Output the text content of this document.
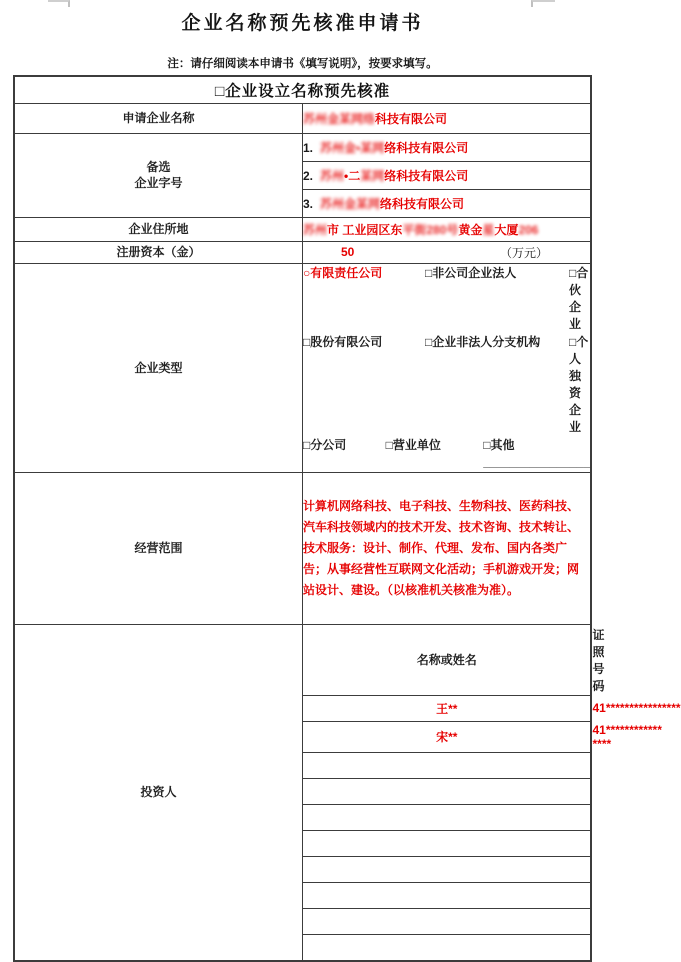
企业名称预先核准申请书
注：请仔细阅读本申请书《填写说明》，按要求填写。
□企业设立名称预先核准
申请企业名称	苏州金某网络科技有限公司
备选
企业字号	1. 苏州金•某网络科技有限公司
2. 苏州•二某网络科技有限公司
3. 苏州金某网络科技有限公司
企业住所地	苏州市 工业园区东平街280号黄金星大厦206
注册资本（金）	50	（万元）

企业类型	
○有限责任公司	□非公司企业法人	□合伙企业
□股份有限公司	□企业非法人分支机构	□个人独资企业
□分公司	□营业单位	□其他________________

经营范围	
计算机网络科技、电子科技、生物科技、医药科技、汽车科技领域内的技术开发、技术咨询、技术转让、技术服务：设计、制作、代理、发布、国内各类广告；从事经营性互联网文化活动；手机游戏开发；网站设计、建设。（以核准机关核准为准）。

投资人	
名称或姓名	证照号码
王**	41****************
宋**	41************ ****
